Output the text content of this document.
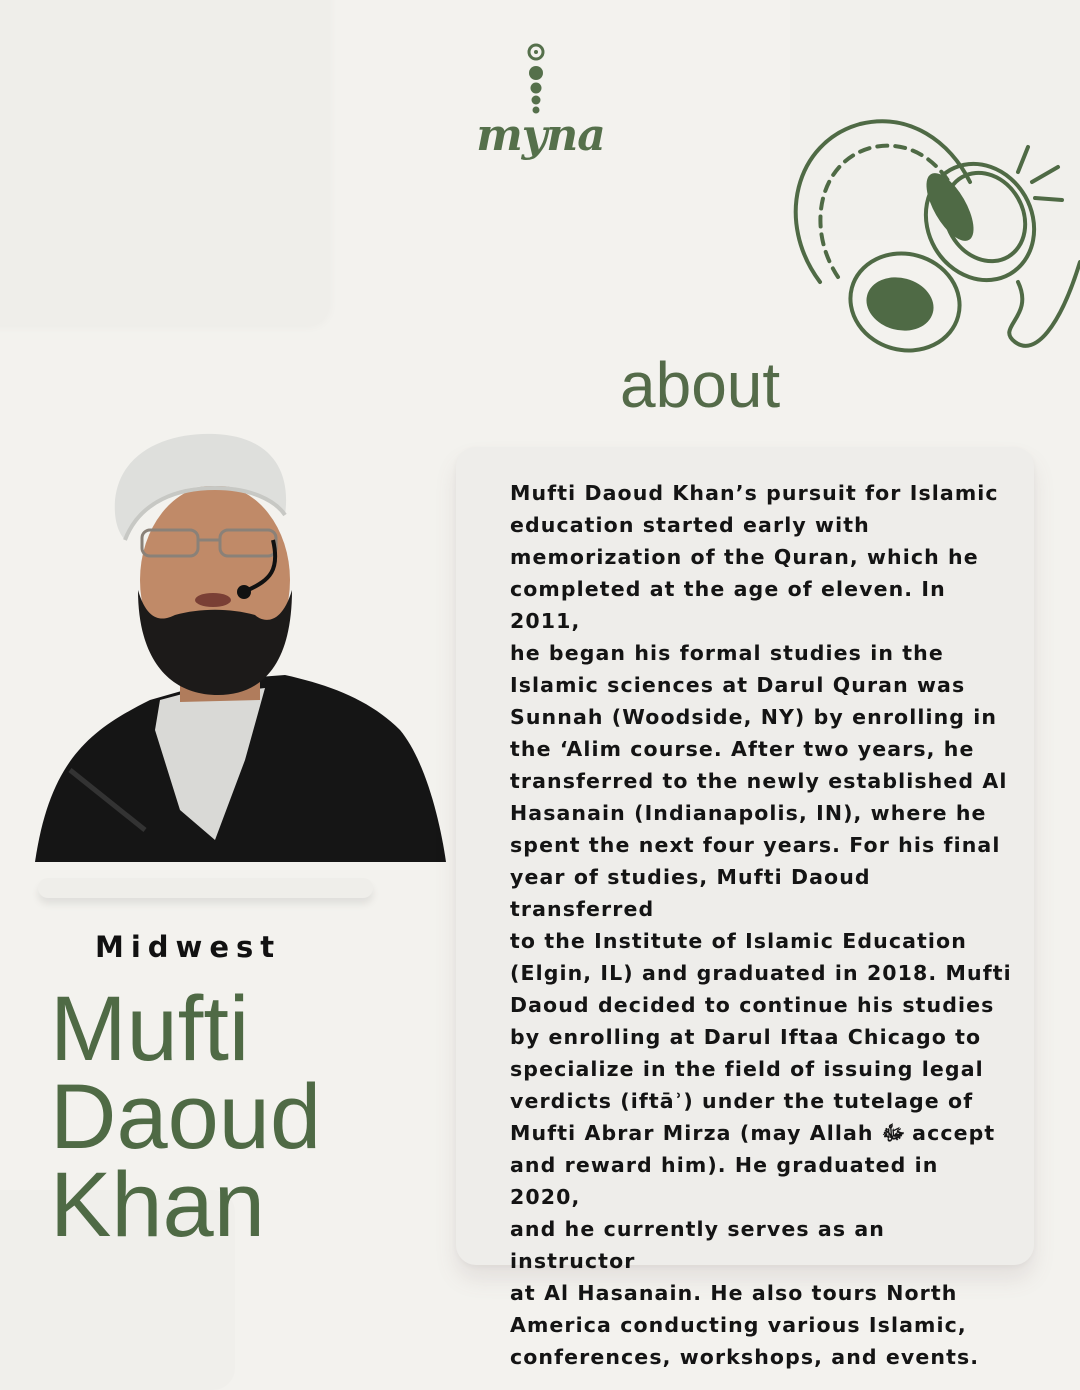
myna
about
Midwest
Mufti
Daoud
Khan

Mufti Daoud Khan’s pursuit for Islamic
education started early with
memorization of the Quran, which he
completed at the age of eleven. In 2011,
he began his formal studies in the
Islamic sciences at Darul Quran was
Sunnah (Woodside, NY) by enrolling in
the ‘Alim course. After two years, he
transferred to the newly established Al
Hasanain (Indianapolis, IN), where he
spent the next four years. For his final
year of studies, Mufti Daoud transferred
to the Institute of Islamic Education
(Elgin, IL) and graduated in 2018. Mufti
Daoud decided to continue his studies
by enrolling at Darul Iftaa Chicago to
specialize in the field of issuing legal
verdicts (iftāʾ) under the tutelage of
Mufti Abrar Mirza (may Allah ﷻ accept
and reward him). He graduated in 2020,
and he currently serves as an instructor
at Al Hasanain. He also tours North
America conducting various Islamic,
conferences, workshops, and events.
